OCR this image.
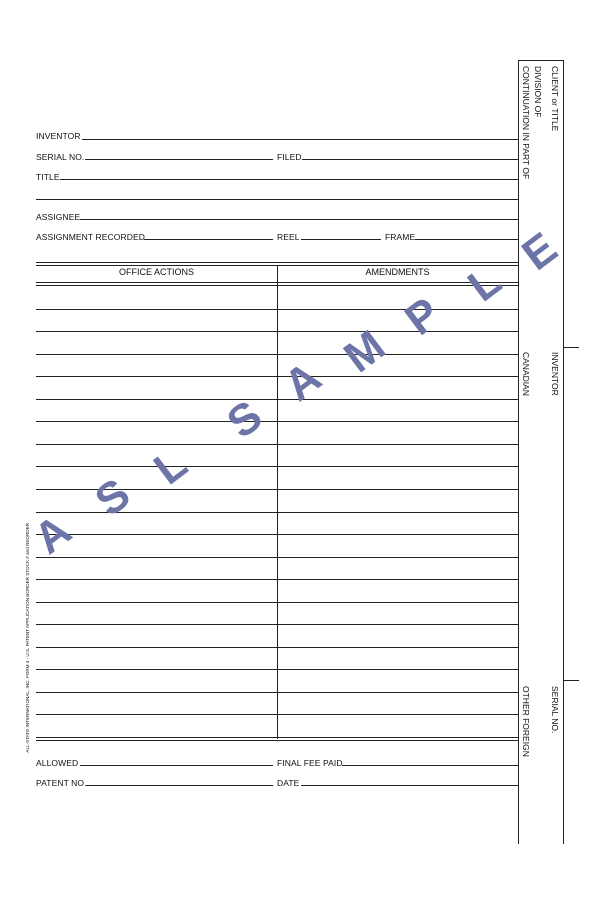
INVENTOR
SERIAL NO.	FILED
TITLE
ASSIGNEE
ASSIGNMENT RECORDED	REEL	FRAME
OFFICE ACTIONS	AMENDMENTS
ALLOWED	FINAL FEE PAID
PATENT NO.	DATE
CONTINUATION IN PART OF DIVISION OF CLIENT or TITLE
CANADIAN INVENTOR
OTHER FOREIGN SERIAL NO.
ALL-STATE INTERNATIONAL, INC. FORM 4 - U.S. PATENT APPLICATION BORDER STOCK # and REORDER
A
S
L
S
A M
P
L
E
